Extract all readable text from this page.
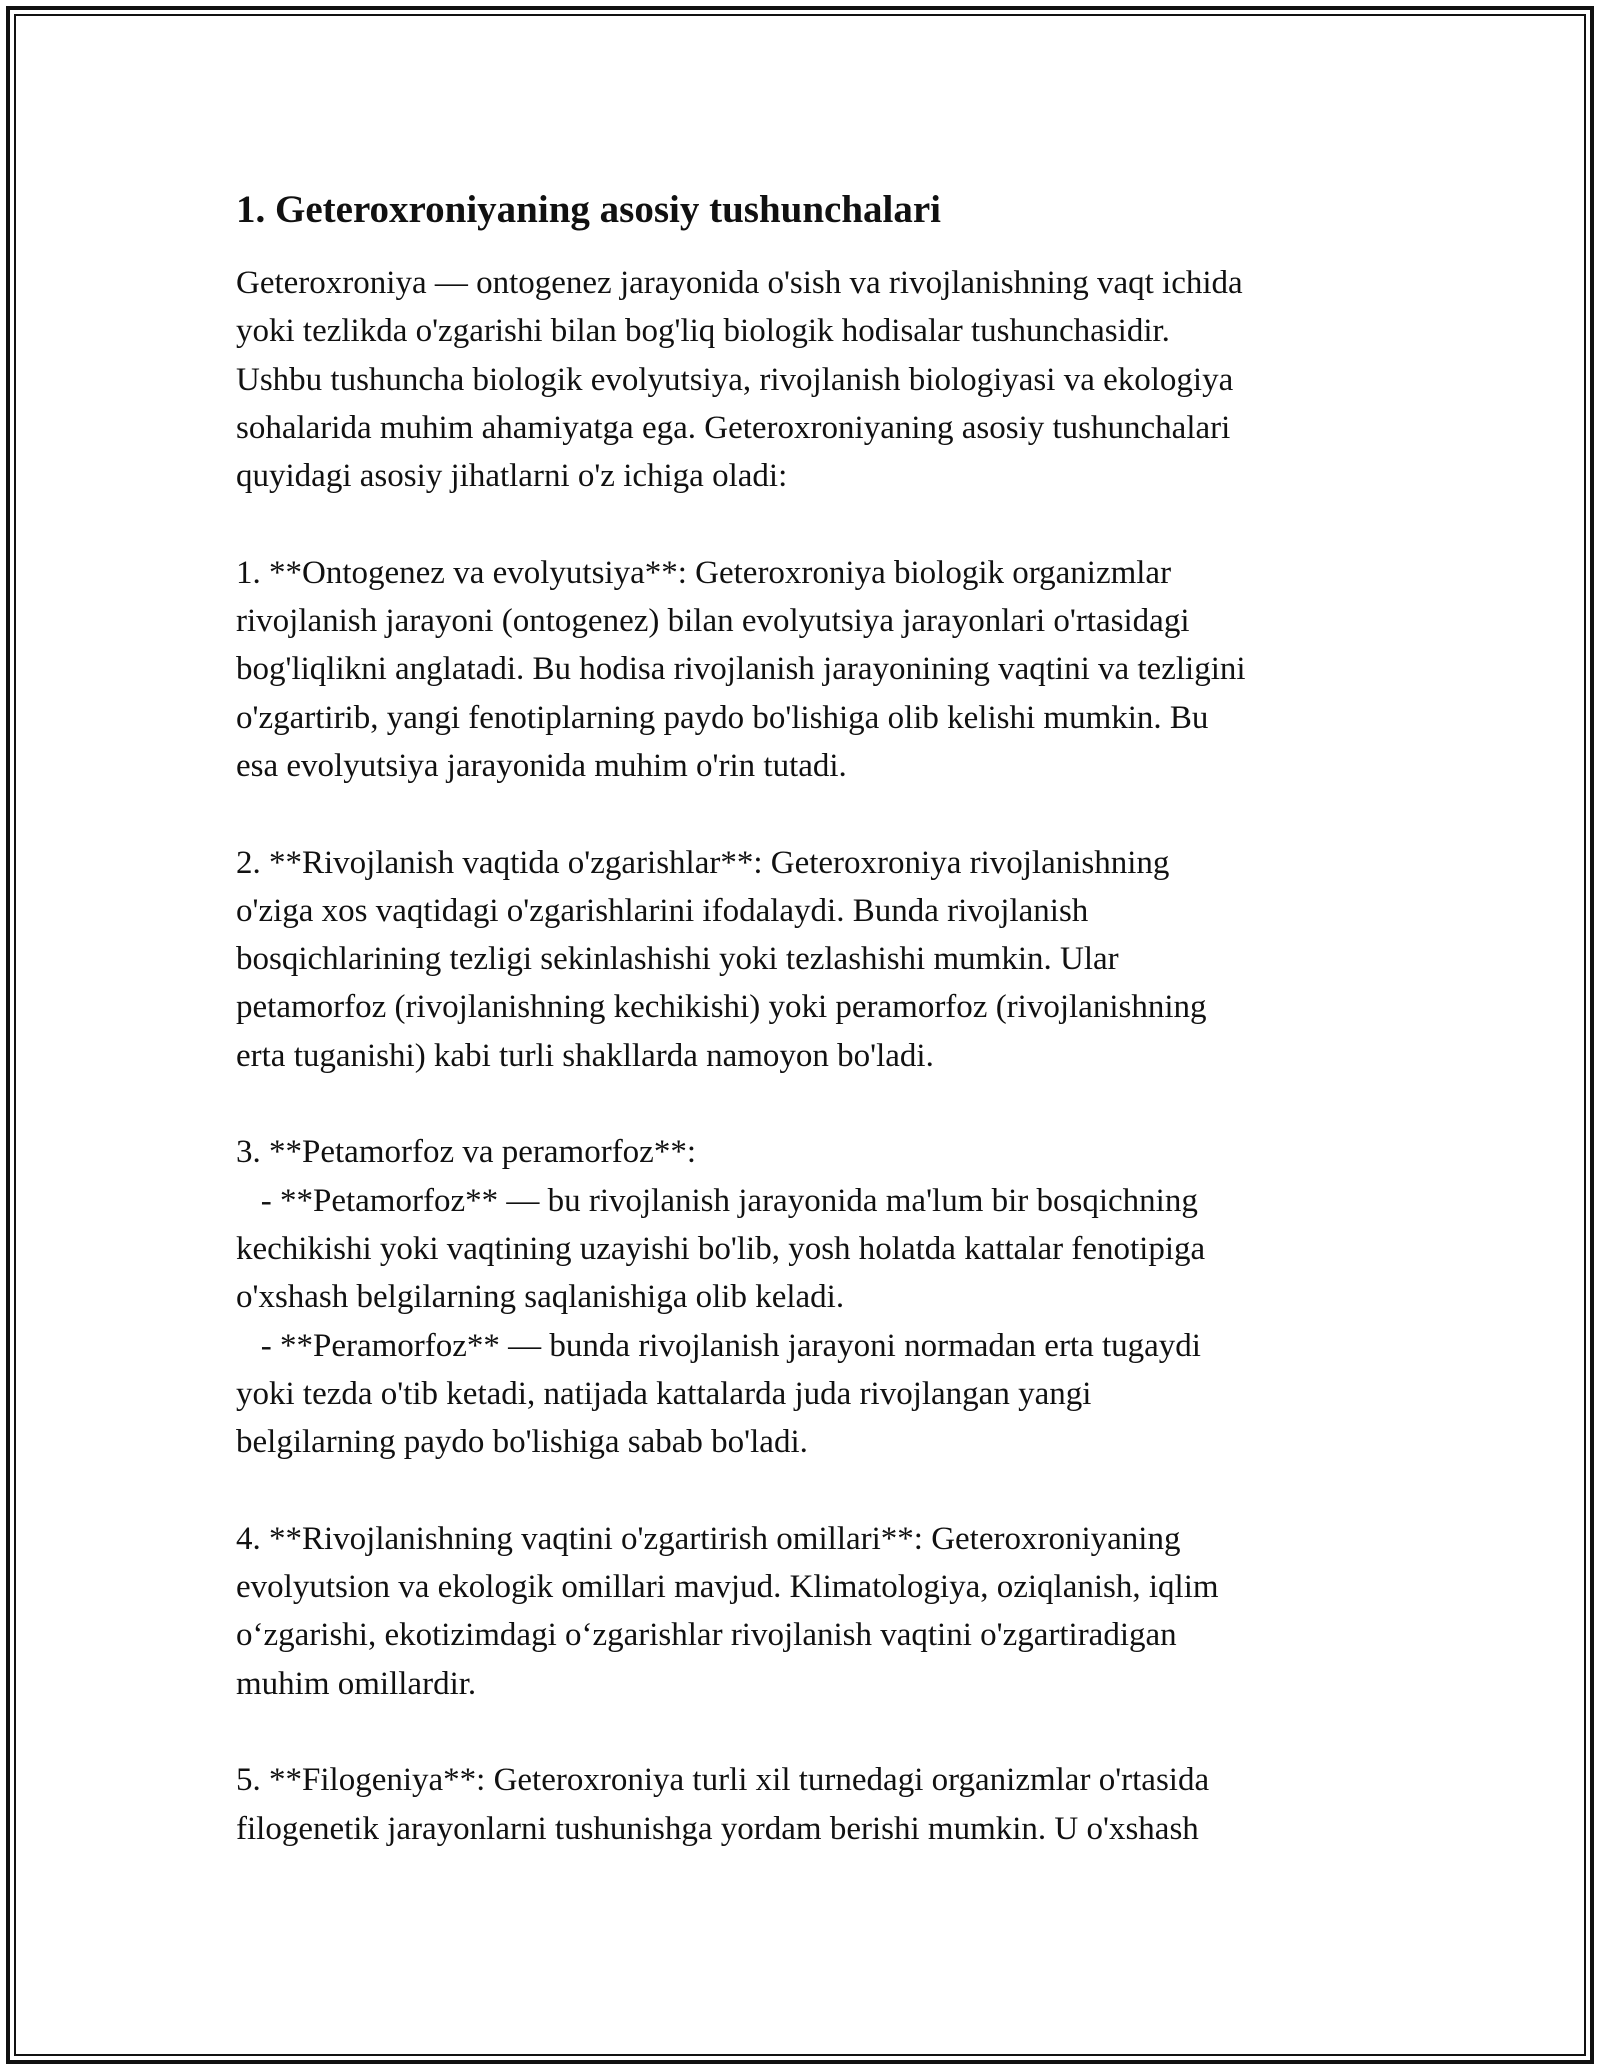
1. Geteroxroniyaning asosiy tushunchalari

Geteroxroniya — ontogenez jarayonida o'sish va rivojlanishning vaqt ichida
yoki tezlikda o'zgarishi bilan bog'liq biologik hodisalar tushunchasidir.
Ushbu tushuncha biologik evolyutsiya, rivojlanish biologiyasi va ekologiya
sohalarida muhim ahamiyatga ega. Geteroxroniyaning asosiy tushunchalari
quyidagi asosiy jihatlarni o'z ichiga oladi:
1. **Ontogenez va evolyutsiya**: Geteroxroniya biologik organizmlar
rivojlanish jarayoni (ontogenez) bilan evolyutsiya jarayonlari o'rtasidagi
bog'liqlikni anglatadi. Bu hodisa rivojlanish jarayonining vaqtini va tezligini
o'zgartirib, yangi fenotiplarning paydo bo'lishiga olib kelishi mumkin. Bu
esa evolyutsiya jarayonida muhim o'rin tutadi.
2. **Rivojlanish vaqtida o'zgarishlar**: Geteroxroniya rivojlanishning
o'ziga xos vaqtidagi o'zgarishlarini ifodalaydi. Bunda rivojlanish
bosqichlarining tezligi sekinlashishi yoki tezlashishi mumkin. Ular
petamorfoz (rivojlanishning kechikishi) yoki peramorfoz (rivojlanishning
erta tuganishi) kabi turli shakllarda namoyon bo'ladi.
3. **Petamorfoz va peramorfoz**:
- **Petamorfoz** — bu rivojlanish jarayonida ma'lum bir bosqichning
kechikishi yoki vaqtining uzayishi bo'lib, yosh holatda kattalar fenotipiga
o'xshash belgilarning saqlanishiga olib keladi.
- **Peramorfoz** — bunda rivojlanish jarayoni normadan erta tugaydi
yoki tezda o'tib ketadi, natijada kattalarda juda rivojlangan yangi
belgilarning paydo bo'lishiga sabab bo'ladi.
4. **Rivojlanishning vaqtini o'zgartirish omillari**: Geteroxroniyaning
evolyutsion va ekologik omillari mavjud. Klimatologiya, oziqlanish, iqlim
o‘zgarishi, ekotizimdagi o‘zgarishlar rivojlanish vaqtini o'zgartiradigan
muhim omillardir.
5. **Filogeniya**: Geteroxroniya turli xil turnedagi organizmlar o'rtasida
filogenetik jarayonlarni tushunishga yordam berishi mumkin. U o'xshash
